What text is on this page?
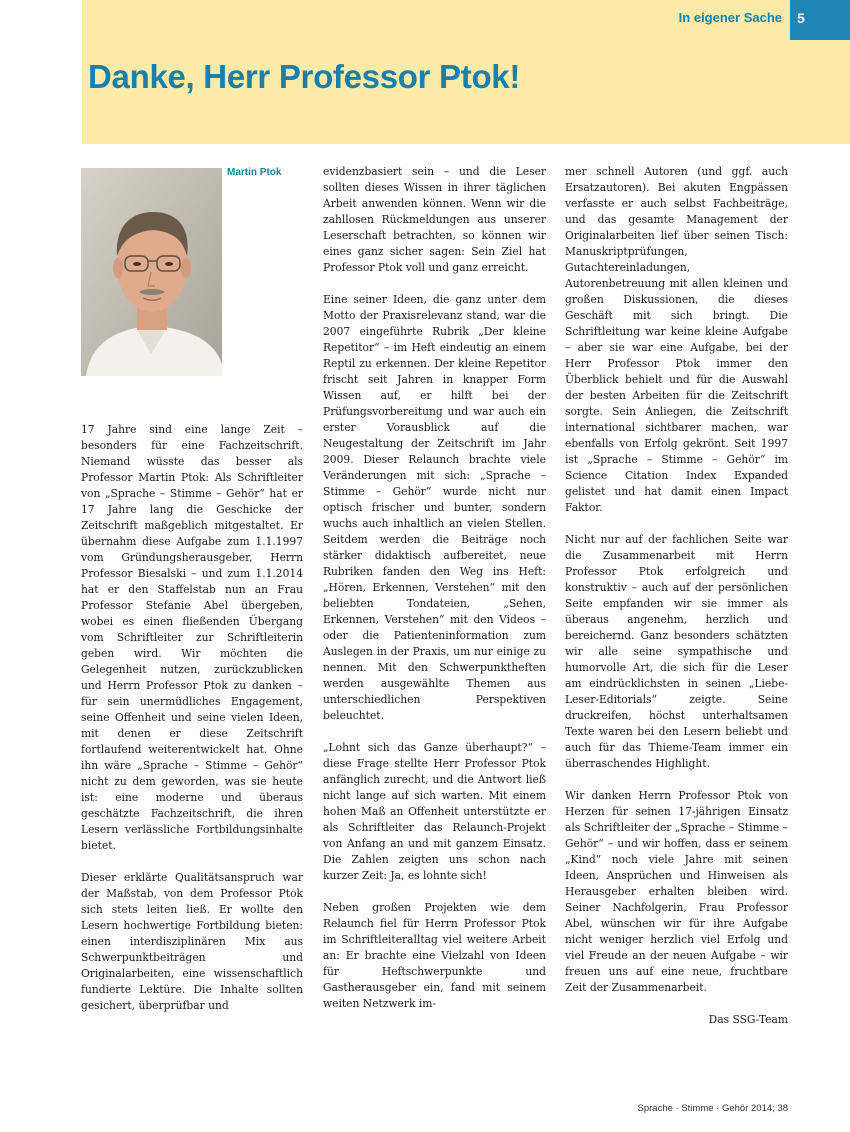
In eigener Sache 5
Danke, Herr Professor Ptok!
Martin Ptok

17 Jahre sind eine lange Zeit – besonders für eine Fachzeitschrift. Niemand wüsste das besser als Professor Martin Ptok: Als Schriftleiter von „Sprache – Stimme – Gehör“ hat er 17 Jahre lang die Geschicke der Zeitschrift maßgeblich mitgestaltet. Er übernahm diese Aufgabe zum 1.1.1997 vom Gründungsherausgeber, Herrn Professor Biesalski – und zum 1.1.2014 hat er den Staffelstab nun an Frau Professor Stefanie Abel übergeben, wobei es einen fließenden Übergang vom Schriftleiter zur Schriftleiterin geben wird. Wir möchten die Gelegenheit nutzen, zurückzublicken und Herrn Professor Ptok zu danken – für sein unermüdliches Engagement, seine Offenheit und seine vielen Ideen, mit denen er diese Zeitschrift fortlaufend weiterentwickelt hat. Ohne ihn wäre „Sprache – Stimme – Gehör“ nicht zu dem geworden, was sie heute ist: eine moderne und überaus geschätzte Fachzeitschrift, die ihren Lesern verlässliche Fortbildungsinhalte bietet.

Dieser erklärte Qualitätsanspruch war der Maßstab, von dem Professor Ptok sich stets leiten ließ. Er wollte den Lesern hochwertige Fortbildung bieten: einen interdisziplinären Mix aus Schwerpunktbeiträgen und Originalarbeiten, eine wissenschaftlich fundierte Lektüre. Die Inhalte sollten gesichert, überprüfbar und

evidenzbasiert sein – und die Leser sollten dieses Wissen in ihrer täglichen Arbeit anwenden können. Wenn wir die zahllosen Rückmeldungen aus unserer Leserschaft betrachten, so können wir eines ganz sicher sagen: Sein Ziel hat Professor Ptok voll und ganz erreicht.

Eine seiner Ideen, die ganz unter dem Motto der Praxisrelevanz stand, war die 2007 eingeführte Rubrik „Der kleine Repetitor“ – im Heft eindeutig an einem Reptil zu erkennen. Der kleine Repetitor frischt seit Jahren in knapper Form Wissen auf, er hilft bei der Prüfungsvorbereitung und war auch ein erster Vorausblick auf die Neugestaltung der Zeitschrift im Jahr 2009. Dieser Relaunch brachte viele Veränderungen mit sich: „Sprache – Stimme – Gehör“ wurde nicht nur optisch frischer und bunter, sondern wuchs auch inhaltlich an vielen Stellen. Seitdem werden die Beiträge noch stärker didaktisch aufbereitet, neue Rubriken fanden den Weg ins Heft: „Hören, Erkennen, Verstehen“ mit den beliebten Tondateien, „Sehen, Erkennen, Verstehen“ mit den Videos – oder die Patienteninformation zum Auslegen in der Praxis, um nur einige zu nennen. Mit den Schwerpunktheften werden ausgewählte Themen aus unterschiedlichen Perspektiven beleuchtet.

„Lohnt sich das Ganze überhaupt?“ – diese Frage stellte Herr Professor Ptok anfänglich zurecht, und die Antwort ließ nicht lange auf sich warten. Mit einem hohen Maß an Offenheit unterstützte er als Schriftleiter das Relaunch-Projekt von Anfang an und mit ganzem Einsatz. Die Zahlen zeigten uns schon nach kurzer Zeit: Ja, es lohnte sich!

Neben großen Projekten wie dem Relaunch fiel für Herrn Professor Ptok im Schriftleiteralltag viel weitere Arbeit an: Er brachte eine Vielzahl von Ideen für Heftschwerpunkte und Gastherausgeber ein, fand mit seinem weiten Netzwerk im-

mer schnell Autoren (und ggf. auch Ersatzautoren). Bei akuten Engpässen verfasste er auch selbst Fachbeiträge, und das gesamte Management der Originalarbeiten lief über seinen Tisch: Manuskriptprüfungen, Gutachtereinladungen, Autorenbetreuung mit allen kleinen und großen Diskussionen, die dieses Geschäft mit sich bringt. Die Schriftleitung war keine kleine Aufgabe – aber sie war eine Aufgabe, bei der Herr Professor Ptok immer den Überblick behielt und für die Auswahl der besten Arbeiten für die Zeitschrift sorgte. Sein Anliegen, die Zeitschrift international sichtbarer machen, war ebenfalls von Erfolg gekrönt. Seit 1997 ist „Sprache – Stimme – Gehör“ im Science Citation Index Expanded gelistet und hat damit einen Impact Faktor.

Nicht nur auf der fachlichen Seite war die Zusammenarbeit mit Herrn Professor Ptok erfolgreich und konstruktiv – auch auf der persönlichen Seite empfanden wir sie immer als überaus angenehm, herzlich und bereichernd. Ganz besonders schätzten wir alle seine sympathische und humorvolle Art, die sich für die Leser am eindrücklichsten in seinen „Liebe-Leser-Editorials“ zeigte. Seine druckreifen, höchst unterhaltsamen Texte waren bei den Lesern beliebt und auch für das Thieme-Team immer ein überraschendes Highlight.

Wir danken Herrn Professor Ptok von Herzen für seinen 17-jährigen Einsatz als Schriftleiter der „Sprache – Stimme – Gehör“ – und wir hoffen, dass er seinem „Kind“ noch viele Jahre mit seinen Ideen, Ansprüchen und Hinweisen als Herausgeber erhalten bleiben wird. Seiner Nachfolgerin, Frau Professor Abel, wünschen wir für ihre Aufgabe nicht weniger herzlich viel Erfolg und viel Freude an der neuen Aufgabe – wir freuen uns auf eine neue, fruchtbare Zeit der Zusammenarbeit.

Das SSG-Team

Sprache · Stimme · Gehör 2014; 38
